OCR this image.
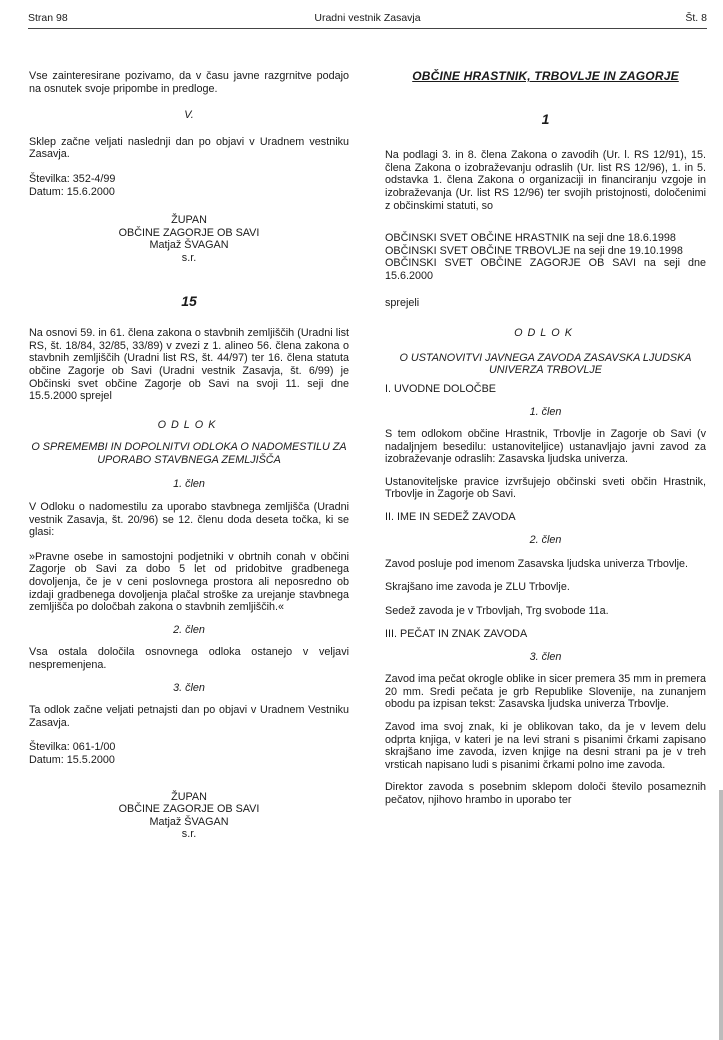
Stran 98	Uradni vestnik Zasavja	Št. 8

Vse zainteresirane pozivamo, da v času javne razgrnitve podajo na osnutek svoje pripombe in predloge.

V.

Sklep začne veljati naslednji dan po objavi v Uradnem vestniku Zasavja.

Številka: 352-4/99

Datum: 15.6.2000

ŽUPAN

OBČINE ZAGORJE OB SAVI

Matjaž ŠVAGAN

s.r.

15

Na osnovi 59. in 61. člena zakona o stavbnih zemljiščih (Uradni list RS, št. 18/84, 32/85, 33/89) v zvezi z 1. alineo 56. člena zakona o stavbnih zemljiščih (Uradni list RS, št. 44/97) ter 16. člena statuta občine Zagorje ob Savi (Uradni vestnik Zasavja, št. 6/99) je Občinski svet občine Zagorje ob Savi na svoji 11. seji dne 15.5.2000 sprejel

ODLOK

O SPREMEMBI IN DOPOLNITVI ODLOKA O NADOMESTILU ZA UPORABO STAVBNEGA ZEMLJIŠČA

1. člen

V Odloku o nadomestilu za uporabo stavbnega zemljišča (Uradni vestnik Zasavja, št. 20/96) se 12. členu doda deseta točka, ki se glasi:

»Pravne osebe in samostojni podjetniki v obrtnih conah v občini Zagorje ob Savi za dobo 5 let od pridobitve gradbenega dovoljenja, če je v ceni poslovnega prostora ali neposredno ob izdaji gradbenega dovoljenja plačal stroške za urejanje stavbnega zemljišča po določbah zakona o stavbnih zemljiščih.«

2. člen

Vsa ostala določila osnovnega odloka ostanejo v veljavi nespremenjena.

3. člen

Ta odlok začne veljati petnajsti dan po objavi v Uradnem Vestniku Zasavja.

Številka: 061-1/00

Datum: 15.5.2000

ŽUPAN

OBČINE ZAGORJE OB SAVI

Matjaž ŠVAGAN

s.r.

OBČINE HRASTNIK, TRBOVLJE IN ZAGORJE

1

Na podlagi 3. in 8. člena Zakona o zavodih (Ur. l. RS 12/91), 15. člena Zakona o izobraževanju odraslih (Ur. list RS 12/96), 1. in 5. odstavka 1. člena Zakona o organizaciji in financiranju vzgoje in izobraževanja (Ur. list RS 12/96) ter svojih pristojnosti, določenimi z občinskimi statuti, so

OBČINSKI SVET OBČINE HRASTNIK na seji dne 18.6.1998

OBČINSKI SVET OBČINE TRBOVLJE na seji dne 19.10.1998

OBČINSKI SVET OBČINE ZAGORJE OB SAVI na seji dne 15.6.2000

sprejeli

ODLOK

O USTANOVITVI JAVNEGA ZAVODA ZASAVSKA LJUDSKA UNIVERZA TRBOVLJE

I. UVODNE DOLOČBE

1. člen

S tem odlokom občine Hrastnik, Trbovlje in Zagorje ob Savi (v nadaljnjem besedilu: ustanoviteljice) ustanavljajo javni zavod za izobraževanje odraslih: Zasavska ljudska univerza.

Ustanoviteljske pravice izvršujejo občinski sveti občin Hrastnik, Trbovlje in Zagorje ob Savi.

II. IME IN SEDEŽ ZAVODA

2. člen

Zavod posluje pod imenom Zasavska ljudska univerza Trbovlje.

Skrajšano ime zavoda je ZLU Trbovlje.

Sedež zavoda je v Trbovljah, Trg svobode 11a.

III. PEČAT IN ZNAK ZAVODA

3. člen

Zavod ima pečat okrogle oblike in sicer premera 35 mm in premera 20 mm. Sredi pečata je grb Republike Slovenije, na zunanjem obodu pa izpisan tekst: Zasavska ljudska univerza Trbovlje.

Zavod ima svoj znak, ki je oblikovan tako, da je v levem delu odprta knjiga, v kateri je na levi strani s pisanimi črkami zapisano skrajšano ime zavoda, izven knjige na desni strani pa je v treh vrsticah napisano ludi s pisanimi črkami polno ime zavoda.

Direktor zavoda s posebnim sklepom določi število posameznih pečatov, njihovo hrambo in uporabo ter
